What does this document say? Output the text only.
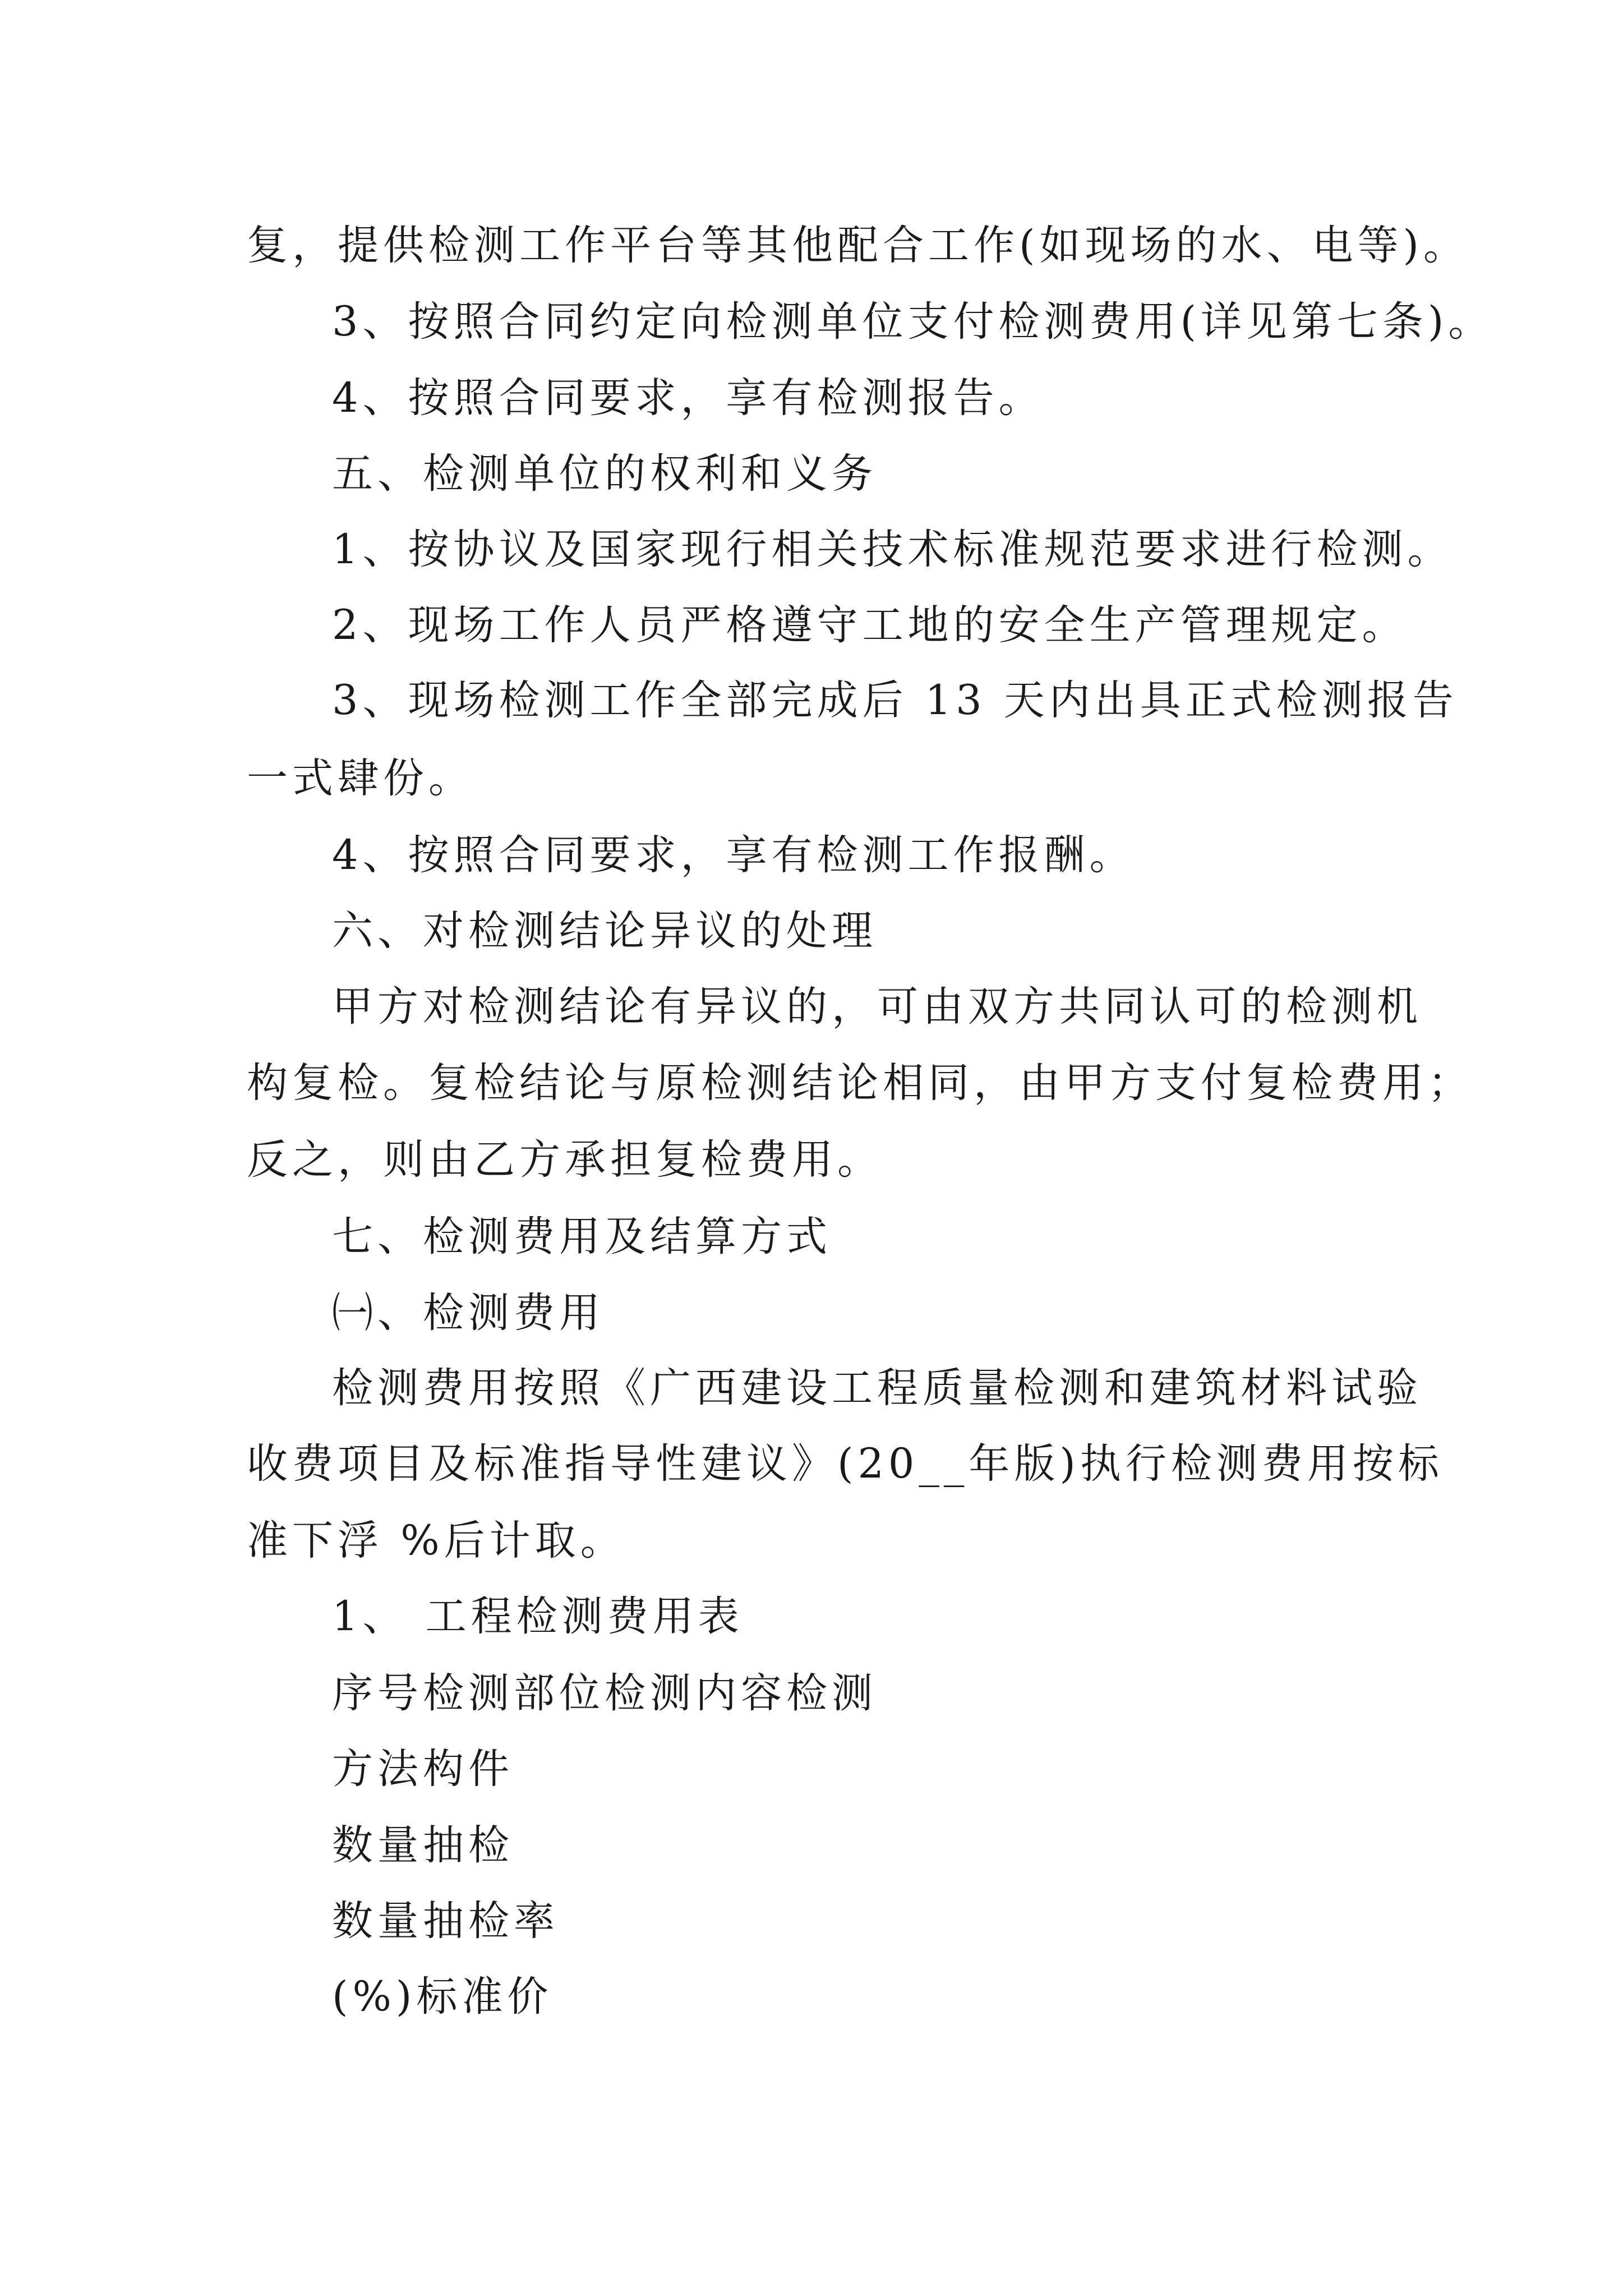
复，提供检测工作平台等其他配合工作(如现场的水、电等)。
3、按照合同约定向检测单位支付检测费用(详见第七条)。
4、按照合同要求，享有检测报告。
五、检测单位的权利和义务
1、按协议及国家现行相关技术标准规范要求进行检测。
2、现场工作人员严格遵守工地的安全生产管理规定。
3、现场检测工作全部完成后 13 天内出具正式检测报告
一式肆份。
4、按照合同要求，享有检测工作报酬。
六、对检测结论异议的处理
甲方对检测结论有异议的，可由双方共同认可的检测机
构复检。复检结论与原检测结论相同，由甲方支付复检费用；
反之，则由乙方承担复检费用。
七、检测费用及结算方式
㈠、检测费用
检测费用按照《广西建设工程质量检测和建筑材料试验
收费项目及标准指导性建议》(20__年版)执行检测费用按标
准下浮 %后计取。
1、 工程检测费用表
序号检测部位检测内容检测
方法构件
数量抽检
数量抽检率
(%)标准价
